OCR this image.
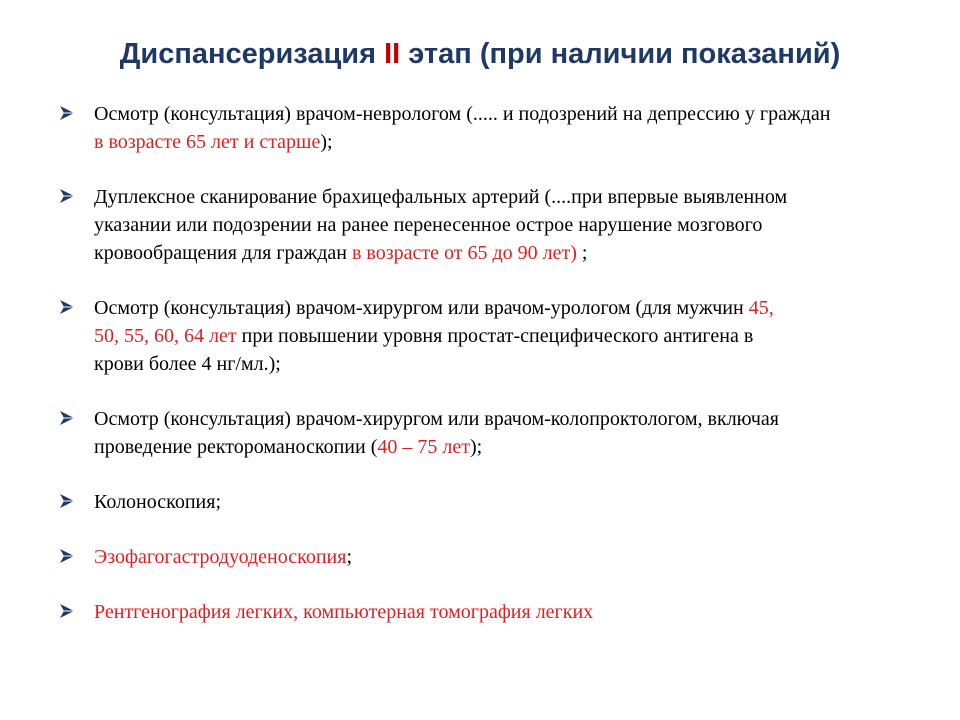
Диспансеризация II этап (при наличии показаний)
Осмотр (консультация) врачом-неврологом (..... и подозрений на депрессию у граждан
в возрасте 65 лет и старше);
Дуплексное сканирование брахицефальных артерий (....при впервые выявленном
указании или подозрении на ранее перенесенное острое нарушение мозгового
кровообращения для граждан в возрасте от 65 до 90 лет) ;
Осмотр (консультация) врачом-хирургом или врачом-урологом (для мужчин 45,
50, 55, 60, 64 лет при повышении уровня простат-специфического антигена в
крови более 4 нг/мл.);
Осмотр (консультация) врачом-хирургом или врачом-колопроктологом, включая
проведение ректороманоскопии (40 – 75 лет);
Колоноскопия;
Эзофагогастродуоденоскопия;
Рентгенография легких, компьютерная томография легких
